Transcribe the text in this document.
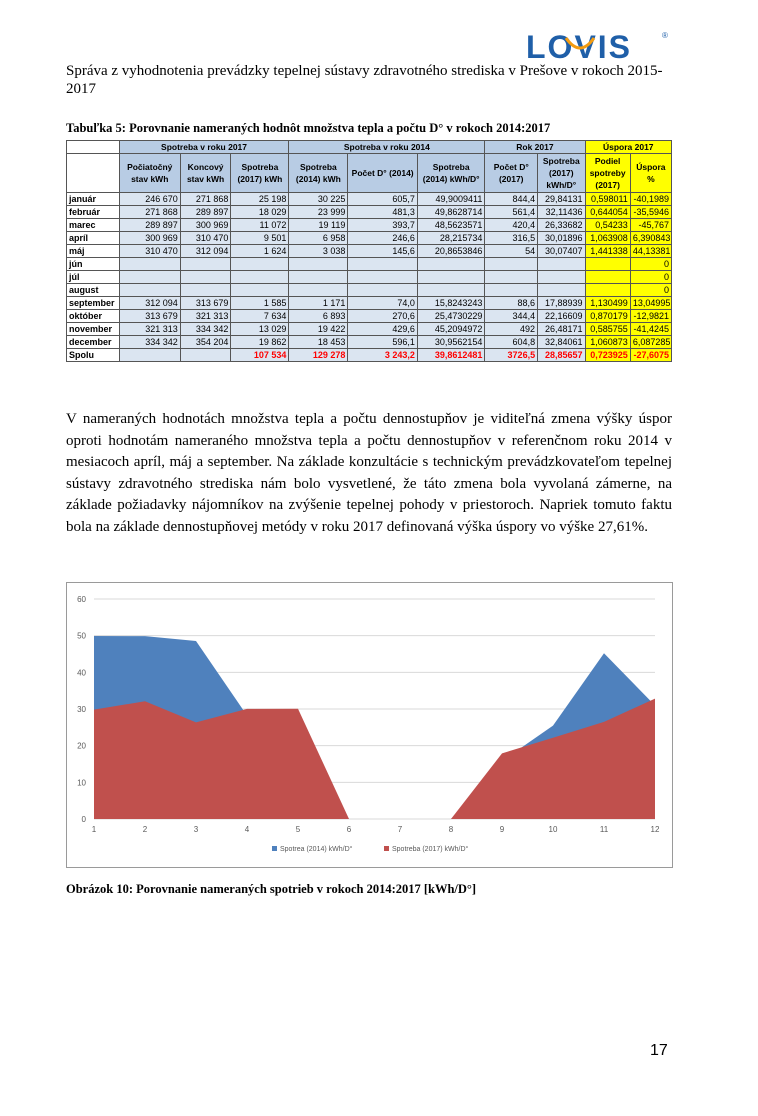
LOVIS	®
Správa z vyhodnotenia prevádzky tepelnej sústavy zdravotného strediska v Prešove v rokoch 2015-2017
Tabuľka 5: Porovnanie nameraných hodnôt množstva tepla a počtu D° v rokoch 2014:2017
	Spotreba v roku 2017			Spotreba v roku 2014			Rok 2017		Úspora 2017	
	Počiatočný stav kWh	Koncový stav kWh	Spotreba (2017) kWh	Spotreba (2014) kWh	Počet D° (2014)	Spotreba (2014) kWh/D°	Počet D° (2017)	Spotreba (2017) kWh/D°	Podiel spotreby (2017)	Úspora %
január	246 670	271 868	25 198	30 225	605,7	49,9009411	844,4	29,84131	0,598011	-40,1989
február	271 868	289 897	18 029	23 999	481,3	49,8628714	561,4	32,11436	0,644054	-35,5946
marec	289 897	300 969	11 072	19 119	393,7	48,5623571	420,4	26,33682	0,54233	-45,767
apríl	300 969	310 470	9 501	6 958	246,6	28,215734	316,5	30,01896	1,063908	6,390843
máj	310 470	312 094	1 624	3 038	145,6	20,8653846	54	30,07407	1,441338	44,13381
jún										0
júl										0
august										0
september	312 094	313 679	1 585	1 171	74,0	15,8243243	88,6	17,88939	1,130499	13,04995
október	313 679	321 313	7 634	6 893	270,6	25,4730229	344,4	22,16609	0,870179	-12,9821
november	321 313	334 342	13 029	19 422	429,6	45,2094972	492	26,48171	0,585755	-41,4245
december	334 342	354 204	19 862	18 453	596,1	30,9562154	604,8	32,84061	1,060873	6,087285
Spolu			107 534	129 278	3 243,2	39,8612481	3726,5	28,85657	0,723925	-27,6075
V nameraných hodnotách množstva tepla a počtu dennostupňov je viditeľná zmena výšky úspor oproti hodnotám nameraného množstva tepla a počtu dennostupňov v referenčnom roku 2014 v mesiacoch apríl, máj a september. Na základe konzultácie s technickým prevádzkovateľom tepelnej sústavy zdravotného strediska nám bolo vysvetlené, že táto zmena bola vyvolaná zámerne, na základe požiadavky nájomníkov na zvýšenie tepelnej pohody v priestoroch. Napriek tomuto faktu bola na základe dennostupňovej metódy v roku 2017 definovaná výška úspory vo výške 27,61%.
0
10
20
30
40
50
60
1	2	3	4	5	6	7	8	9	10	11	12
Spotrea (2014) kWh/D°	Spotreba (2017) kWh/D°
Obrázok 10: Porovnanie nameraných spotrieb v rokoch 2014:2017 [kWh/D°]
17
